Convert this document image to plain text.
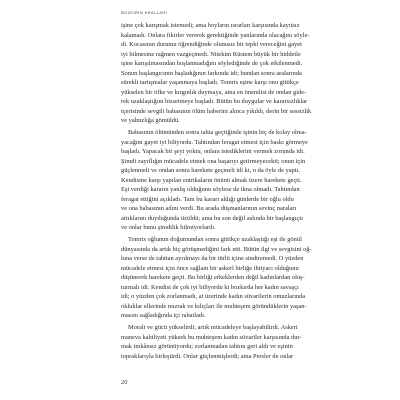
BOZKIRIN KRALLARI
işine çok karışmak istemedi; ama boyların ısrarları karşısında kayıtsız
kalamadı. Onlara fikirler vererek gerektiğinde yanlarında olacağını söyle-
di. Kocasının durumu öğrendiğinde olumsuz bir tepki vereceğini gayet
iyi bilmesine rağmen vazgeçmedi. Nitekim Rüstem büyük bir hiddetle
işine karışılmasından hoşlanmadığını söylediğinde de çok etkilenmedi.
Sonun başlangıcının başladığının farkında idi; bundan sonra aralarında
sürekli tartışmalar yaşanmaya başladı. Tomris eşine karşı onu gittikçe
yükselen bir öfke ve kırgınlık duymaya, ama en önemlisi de ondan gide-
rek uzaklaştığını hissetmeye başladı. Bütün bu duygular ve kararsızlıklar
içerisinde sevgili babasının ölüm haberini alınca yıkıldı, derin bir sessizlik
ve yalnızlığa gömüldü.
Babasının ölümünden sonra tahta geçtiğinde işinin hiç de kolay olma-
yacağını gayet iyi biliyordu. Tahtından feragat etmesi için baskı görmeye
başladı. Yapacak bir şeyi yoktu, onlara istediklerini vermek zorunda idi.
Şimdi zayıflığın mücadele etmek ona başarıyı getirmeyecekti; onun için
güçlenmeli ve ondan sonra harekete geçmeli idi ki, o da öyle de yaptı.
Kendisine karşı yapılan entrikaların önünü almak üzere harekete geçti.
Eşi verdiği kararın yanlış olduğunu söylese de ikna olmadı. Tahtından
feragat ettiğini açıkladı. Tam bu kararı aldığı günlerde bir oğlu oldu
ve ona babasının adını verdi. Bu arada düşmanlarının sevinç naraları
artıklarını duyduğunda üzüldü; ama bu son değil aslında bir başlangıçtı
ve onlar bunu şimdilik bilmiyorlardı.
Tomris oğlunun doğumundan sonra gittikçe uzaklaştığı eşi ile gönül
dünyasında da artık hiç görüşmediğini fark etti. Bütün ilgi ve sevgisini oğ-
luna verse de tahttan ayrılmayı da bir türlü içine sindiremedi. O yüzden
mücadele etmesi için önce sağlam bir askerî birliğe ihtiyacı olduğunu
düşünerek harekete geçti. Bu birliği erkeklerden değil kadınlardan oluş-
turmalı idi. Kendisi de çok iyi biliyordu ki bozkırda her kadın savaşçı
idi; o yüzden çok zorlanmadı, at üzerinde kadın süvarilerin omuzlarında
okluklar ellerinde mızrak ve kılıçları ile muhteşem göründüklerin yaşan-
masını sağladığında içi rahatladı.
Morali ve gücü yükselirdi; artık mücadeleye başlayabilirdi. Askeri
maneva kabiliyeti yüksek bu muhteşem kadın süvariler karşısında dur-
mak imkânsız görünüyordu; zorlanmadan tahtını geri aldı ve eşinin
topraklarıyla birleştirdi. Onlar güçlenmişlerdi; ama Persler de onlar
20
